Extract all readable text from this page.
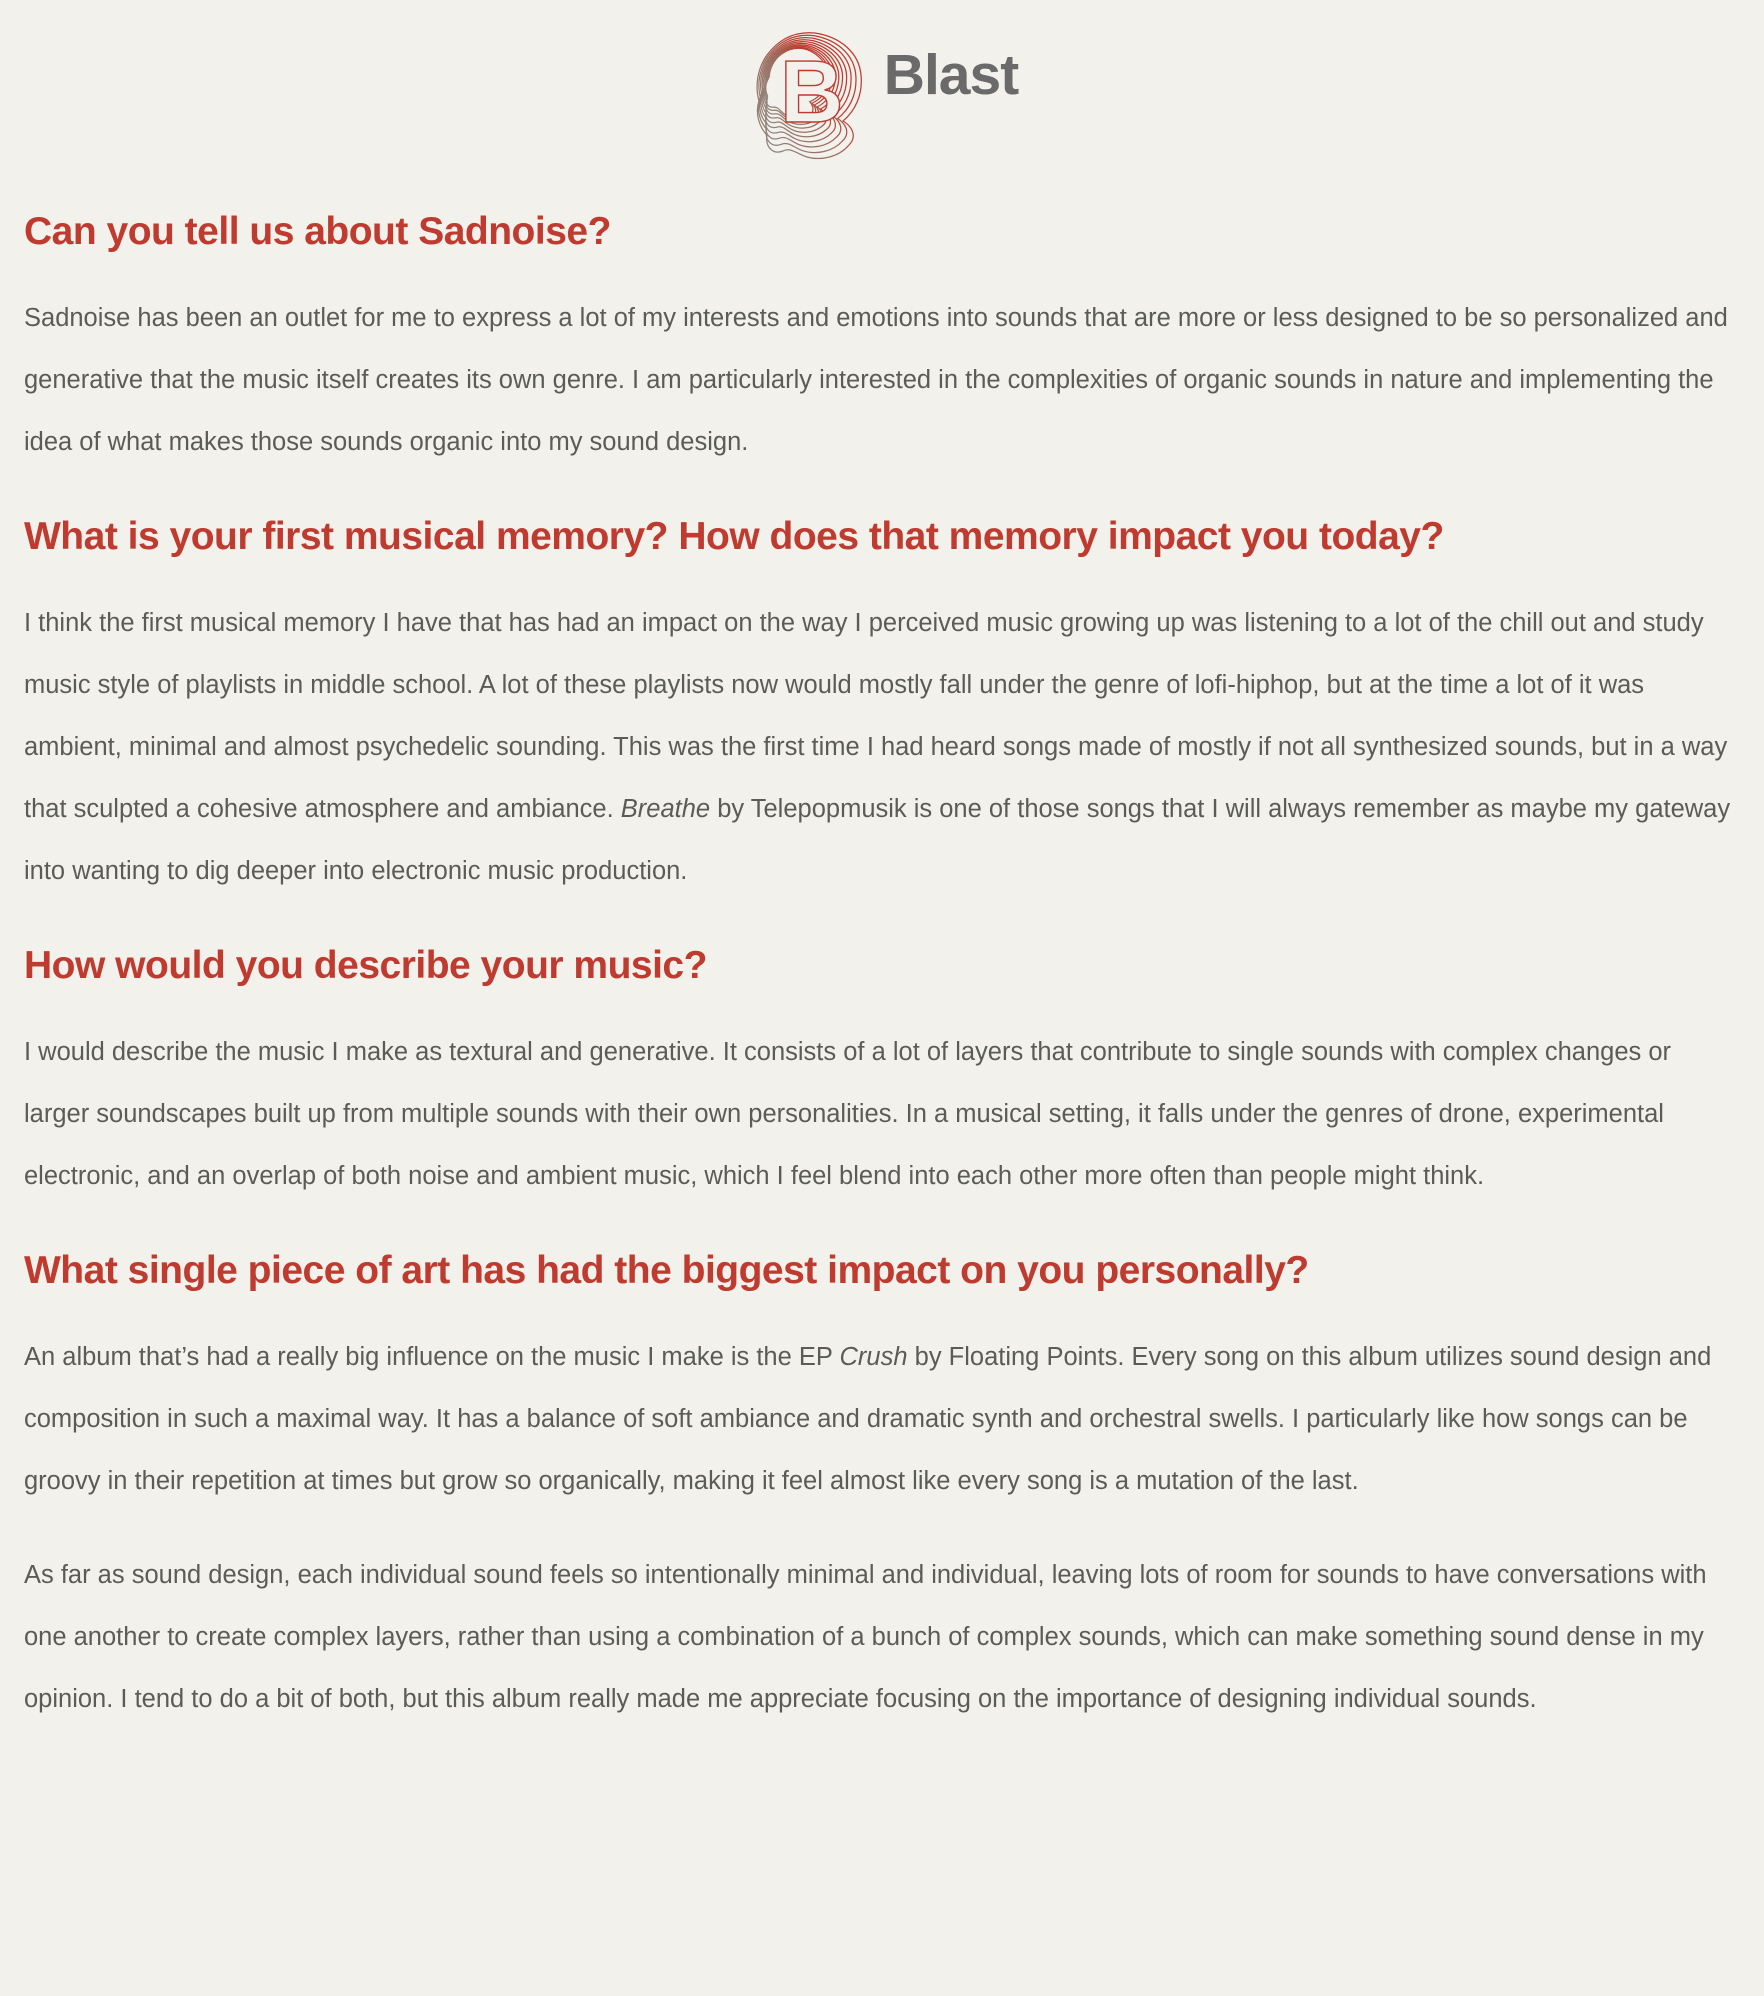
B Blast
Can you tell us about Sadnoise?

Sadnoise has been an outlet for me to express a lot of my interests and emotions into sounds that are more or less designed to be so personalized and generative that the music itself creates its own genre. I am particularly interested in the complexities of organic sounds in nature and implementing the idea of what makes those sounds organic into my sound design.

What is your first musical memory? How does that memory impact you today?

I think the first musical memory I have that has had an impact on the way I perceived music growing up was listening to a lot of the chill out and study music style of playlists in middle school. A lot of these playlists now would mostly fall under the genre of lofi-hiphop, but at the time a lot of it was ambient, minimal and almost psychedelic sounding. This was the first time I had heard songs made of mostly if not all synthesized sounds, but in a way that sculpted a cohesive atmosphere and ambiance. Breathe by Telepopmusik is one of those songs that I will always remember as maybe my gateway into wanting to dig deeper into electronic music production.

How would you describe your music?

I would describe the music I make as textural and generative. It consists of a lot of layers that contribute to single sounds with complex changes or larger soundscapes built up from multiple sounds with their own personalities. In a musical setting, it falls under the genres of drone, experimental electronic, and an overlap of both noise and ambient music, which I feel blend into each other more often than people might think.

What single piece of art has had the biggest impact on you personally?

An album that’s had a really big influence on the music I make is the EP Crush by Floating Points. Every song on this album utilizes sound design and composition in such a maximal way. It has a balance of soft ambiance and dramatic synth and orchestral swells. I particularly like how songs can be groovy in their repetition at times but grow so organically, making it feel almost like every song is a mutation of the last.

As far as sound design, each individual sound feels so intentionally minimal and individual, leaving lots of room for sounds to have conversations with one another to create complex layers, rather than using a combination of a bunch of complex sounds, which can make something sound dense in my opinion. I tend to do a bit of both, but this album really made me appreciate focusing on the importance of designing individual sounds.
